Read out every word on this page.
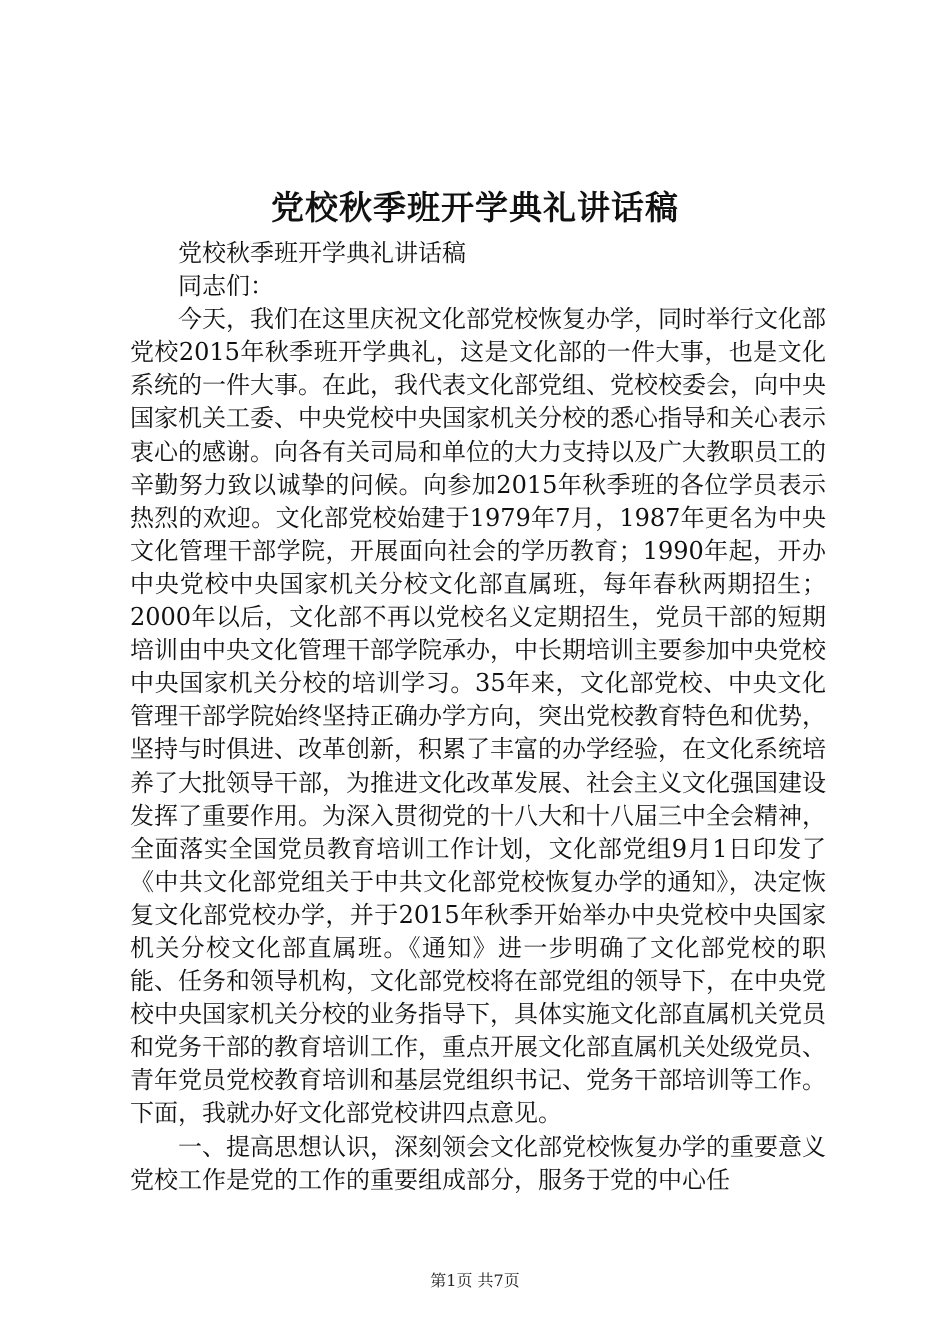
党校秋季班开学典礼讲话稿

党校秋季班开学典礼讲话稿

同志们：

今天，我们在这里庆祝文化部党校恢复办学，同时举行文化部党校2015年秋季班开学典礼，这是文化部的一件大事，也是文化系统的一件大事。在此，我代表文化部党组、党校校委会，向中央国家机关工委、中央党校中央国家机关分校的悉心指导和关心表示衷心的感谢。向各有关司局和单位的大力支持以及广大教职员工的辛勤努力致以诚挚的问候。向参加2015年秋季班的各位学员表示热烈的欢迎。文化部党校始建于1979年7月，1987年更名为中央文化管理干部学院，开展面向社会的学历教育；1990年起，开办中央党校中央国家机关分校文化部直属班，每年春秋两期招生；2000年以后，文化部不再以党校名义定期招生，党员干部的短期培训由中央文化管理干部学院承办，中长期培训主要参加中央党校中央国家机关分校的培训学习。35年来，文化部党校、中央文化管理干部学院始终坚持正确办学方向，突出党校教育特色和优势，坚持与时俱进、改革创新，积累了丰富的办学经验，在文化系统培养了大批领导干部，为推进文化改革发展、社会主义文化强国建设发挥了重要作用。为深入贯彻党的十八大和十八届三中全会精神，全面落实全国党员教育培训工作计划，文化部党组9月1日印发了《中共文化部党组关于中共文化部党校恢复办学的通知》，决定恢复文化部党校办学，并于2015年秋季开始举办中央党校中央国家机关分校文化部直属班。《通知》进一步明确了文化部党校的职能、任务和领导机构，文化部党校将在部党组的领导下，在中央党校中央国家机关分校的业务指导下，具体实施文化部直属机关党员和党务干部的教育培训工作，重点开展文化部直属机关处级党员、青年党员党校教育培训和基层党组织书记、党务干部培训等工作。下面，我就办好文化部党校讲四点意见。

一、提高思想认识，深刻领会文化部党校恢复办学的重要意义党校工作是党的工作的重要组成部分，服务于党的中心任

第1页 共7页
